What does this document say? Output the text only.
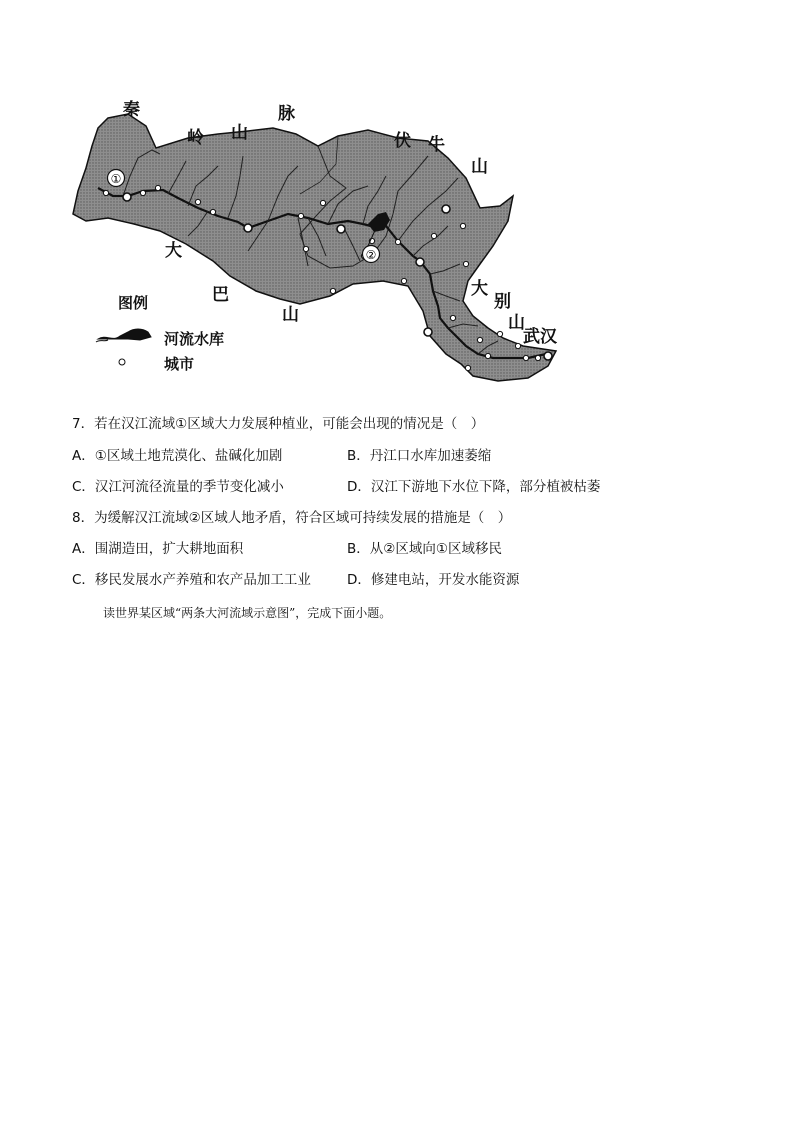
①
②
秦
岭 山
脉
伏 牛
山
大
巴
山
大
别
山
武汉
图例
河流水库
城市
7．若在汉江流域①区域大力发展种植业，可能会出现的情况是（　）
A．①区域土地荒漠化、盐碱化加剧	B．丹江口水库加速萎缩
C．汉江河流径流量的季节变化减小	D．汉江下游地下水位下降，部分植被枯萎
8．为缓解汉江流域②区域人地矛盾，符合区域可持续发展的措施是（　）
A．围湖造田，扩大耕地面积	B．从②区域向①区域移民
C．移民发展水产养殖和农产品加工工业	D．修建电站，开发水能资源
读世界某区域“两条大河流域示意图”，完成下面小题。
